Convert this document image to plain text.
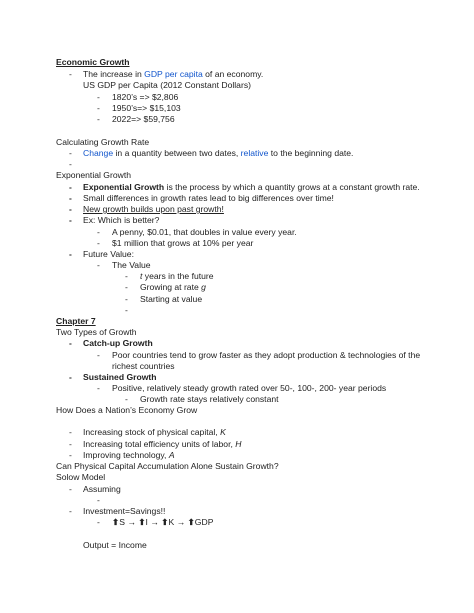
Economic Growth
- The increase in GDP per capita of an economy.
US GDP per Capita (2012 Constant Dollars)
- 1820’s => $2,806
- 1950’s=> $15,103
- 2022=> $59,756
Calculating Growth Rate
- Change in a quantity between two dates, relative to the beginning date.
-
Exponential Growth
- Exponential Growth is the process by which a quantity grows at a constant growth rate.
- Small differences in growth rates lead to big differences over time!
- New growth builds upon past growth!
- Ex: Which is better?
- A penny, $0.01, that doubles in value every year.
- $1 million that grows at 10% per year
- Future Value:
- The Value
- t years in the future
- Growing at rate g
- Starting at value
-
Chapter 7
Two Types of Growth
- Catch-up Growth
- Poor countries tend to grow faster as they adopt production & technologies of the
richest countries
- Sustained Growth
- Positive, relatively steady growth rated over 50-, 100-, 200- year periods
- Growth rate stays relatively constant
How Does a Nation’s Economy Grow
- Increasing stock of physical capital, K
- Increasing total efficiency units of labor, H
- Improving technology, A
Can Physical Capital Accumulation Alone Sustain Growth?
Solow Model
- Assuming
-
- Investment=Savings!!
- ⬆S → ⬆I → ⬆K → ⬆GDP
Output = Income
